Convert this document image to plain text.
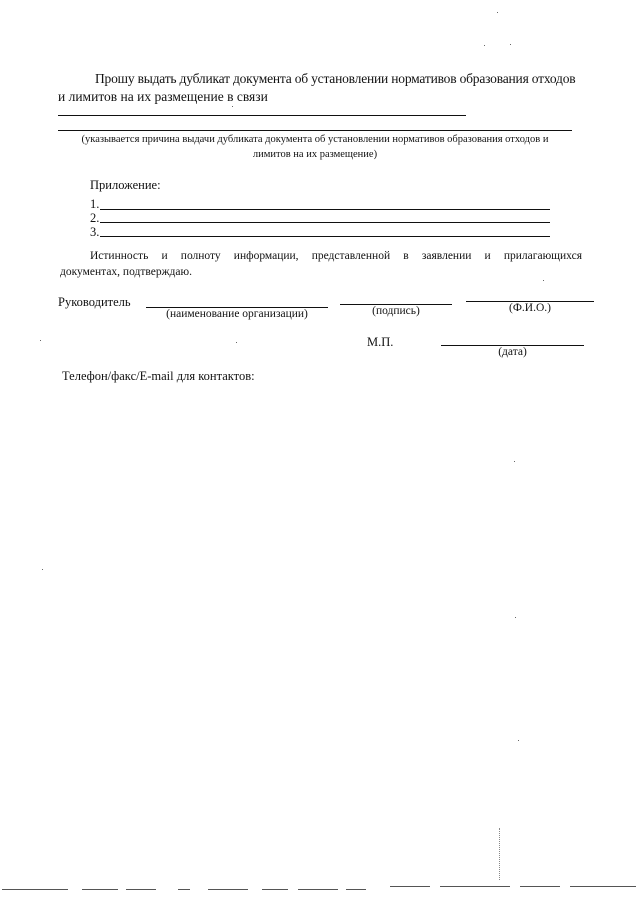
Прошу выдать дубликат документа об установлении нормативов образования отходов
и лимитов на их размещение в связи
(указывается причина выдачи дубликата документа об установлении нормативов образования отходов и
лимитов на их размещение)
Приложение:
1.
2.
3.
Истинность и полноту информации, представленной в заявлении и прилагающихся
документах, подтверждаю.
Руководитель
(наименование организации)	(подпись)	(Ф.И.О.)
М.П.
(дата)
Телефон/факс/E-mail для контактов:
